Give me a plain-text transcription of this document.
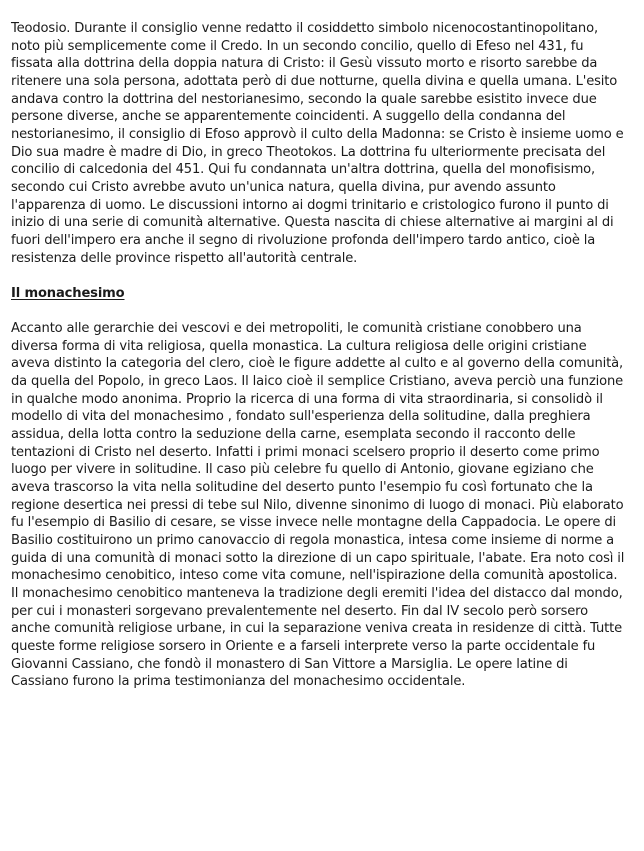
Teodosio. Durante il consiglio venne redatto il cosiddetto simbolo nicenocostantinopolitano, noto più semplicemente come il Credo. In un secondo concilio, quello di Efeso nel 431, fu fissata alla dottrina della doppia natura di Cristo: il Gesù vissuto morto e risorto sarebbe da ritenere una sola persona, adottata però di due notturne, quella divina e quella umana. L'esito andava contro la dottrina del nestorianesimo, secondo la quale sarebbe esistito invece due persone diverse, anche se apparentemente coincidenti. A suggello della condanna del nestorianesimo, il consiglio di Efoso approvò il culto della Madonna: se Cristo è insieme uomo e Dio sua madre è madre di Dio, in greco Theotokos. La dottrina fu ulteriormente precisata del concilio di calcedonia del 451. Qui fu condannata un'altra dottrina, quella del monofisismo, secondo cui Cristo avrebbe avuto un'unica natura, quella divina, pur avendo assunto l'apparenza di uomo. Le discussioni intorno ai dogmi trinitario e cristologico furono il punto di inizio di una serie di comunità alternative. Questa nascita di chiese alternative ai margini al di fuori dell'impero era anche il segno di rivoluzione profonda dell'impero tardo antico, cioè la resistenza delle province rispetto all'autorità centrale.

Il monachesimo

Accanto alle gerarchie dei vescovi e dei metropoliti, le comunità cristiane conobbero una diversa forma di vita religiosa, quella monastica. La cultura religiosa delle origini cristiane aveva distinto la categoria del clero, cioè le figure addette al culto e al governo della comunità, da quella del Popolo, in greco Laos. Il laico cioè il semplice Cristiano, aveva perciò una funzione in qualche modo anonima. Proprio la ricerca di una forma di vita straordinaria, si consolidò il modello di vita del monachesimo , fondato sull'esperienza della solitudine, dalla preghiera assidua, della lotta contro la seduzione della carne, esemplata secondo il racconto delle tentazioni di Cristo nel deserto. Infatti i primi monaci scelsero proprio il deserto come primo luogo per vivere in solitudine. Il caso più celebre fu quello di Antonio, giovane egiziano che aveva trascorso la vita nella solitudine del deserto punto l'esempio fu così fortunato che la regione desertica nei pressi di tebe sul Nilo, divenne sinonimo di luogo di monaci. Più elaborato fu l'esempio di Basilio di cesare, se visse invece nelle montagne della Cappadocia. Le opere di Basilio costituirono un primo canovaccio di regola monastica, intesa come insieme di norme a guida di una comunità di monaci sotto la direzione di un capo spirituale, l'abate. Era noto così il monachesimo cenobitico, inteso come vita comune, nell'ispirazione della comunità apostolica. Il monachesimo cenobitico manteneva la tradizione degli eremiti l'idea del distacco dal mondo, per cui i monasteri sorgevano prevalentemente nel deserto. Fin dal IV secolo però sorsero anche comunità religiose urbane, in cui la separazione veniva creata in residenze di città. Tutte queste forme religiose sorsero in Oriente e a farseli interprete verso la parte occidentale fu Giovanni Cassiano, che fondò il monastero di San Vittore a Marsiglia. Le opere latine di Cassiano furono la prima testimonianza del monachesimo occidentale.
